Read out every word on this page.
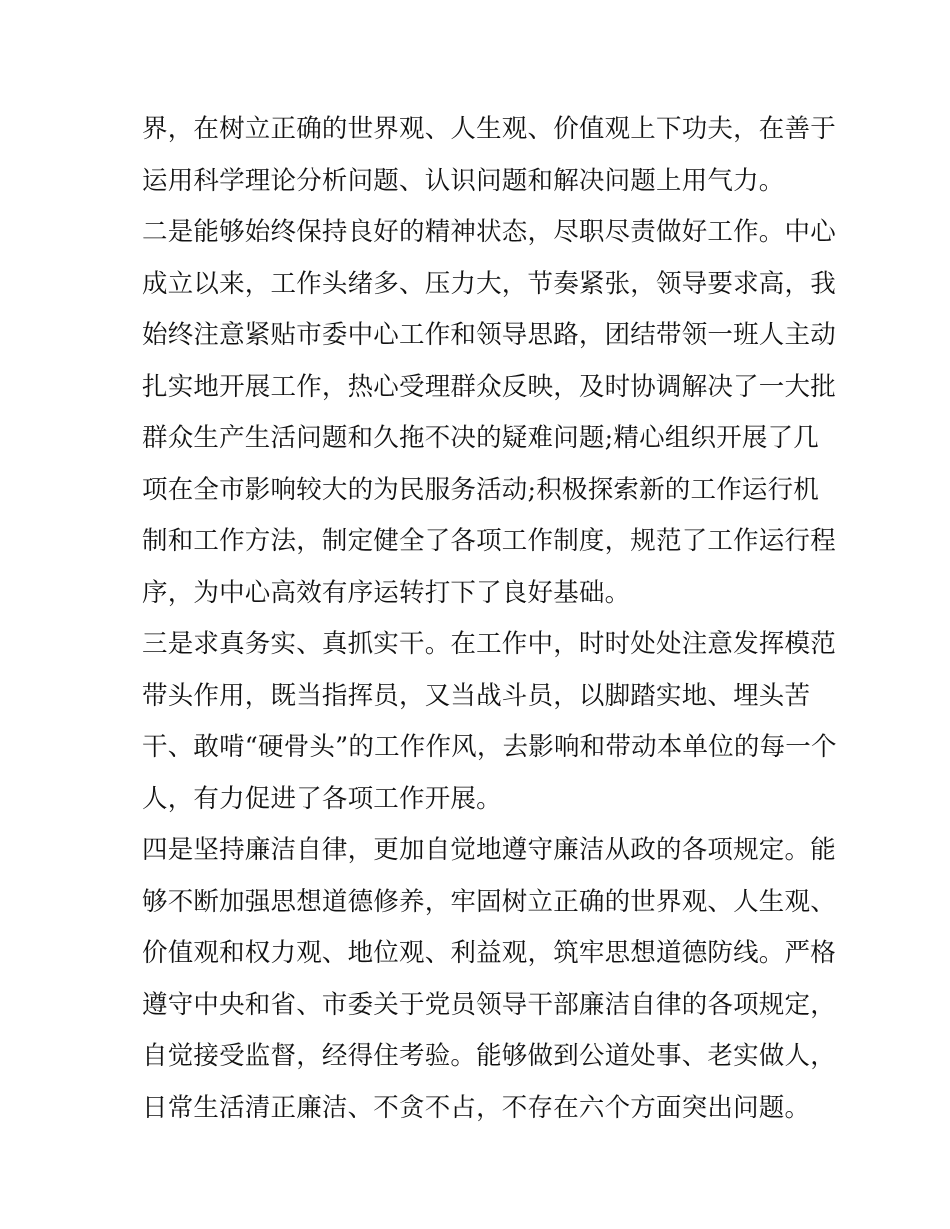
界，在树立正确的世界观、人生观、价值观上下功夫，在善于
运用科学理论分析问题、认识问题和解决问题上用气力。
二是能够始终保持良好的精神状态，尽职尽责做好工作。中心
成立以来，工作头绪多、压力大，节奏紧张，领导要求高，我
始终注意紧贴市委中心工作和领导思路，团结带领一班人主动
扎实地开展工作，热心受理群众反映，及时协调解决了一大批
群众生产生活问题和久拖不决的疑难问题;精心组织开展了几
项在全市影响较大的为民服务活动;积极探索新的工作运行机
制和工作方法，制定健全了各项工作制度，规范了工作运行程
序，为中心高效有序运转打下了良好基础。
三是求真务实、真抓实干。在工作中，时时处处注意发挥模范
带头作用，既当指挥员，又当战斗员，以脚踏实地、埋头苦
干、敢啃“硬骨头”的工作作风，去影响和带动本单位的每一个
人，有力促进了各项工作开展。
四是坚持廉洁自律，更加自觉地遵守廉洁从政的各项规定。能
够不断加强思想道德修养，牢固树立正确的世界观、人生观、
价值观和权力观、地位观、利益观，筑牢思想道德防线。严格
遵守中央和省、市委关于党员领导干部廉洁自律的各项规定，
自觉接受监督，经得住考验。能够做到公道处事、老实做人，
日常生活清正廉洁、不贪不占，不存在六个方面突出问题。
